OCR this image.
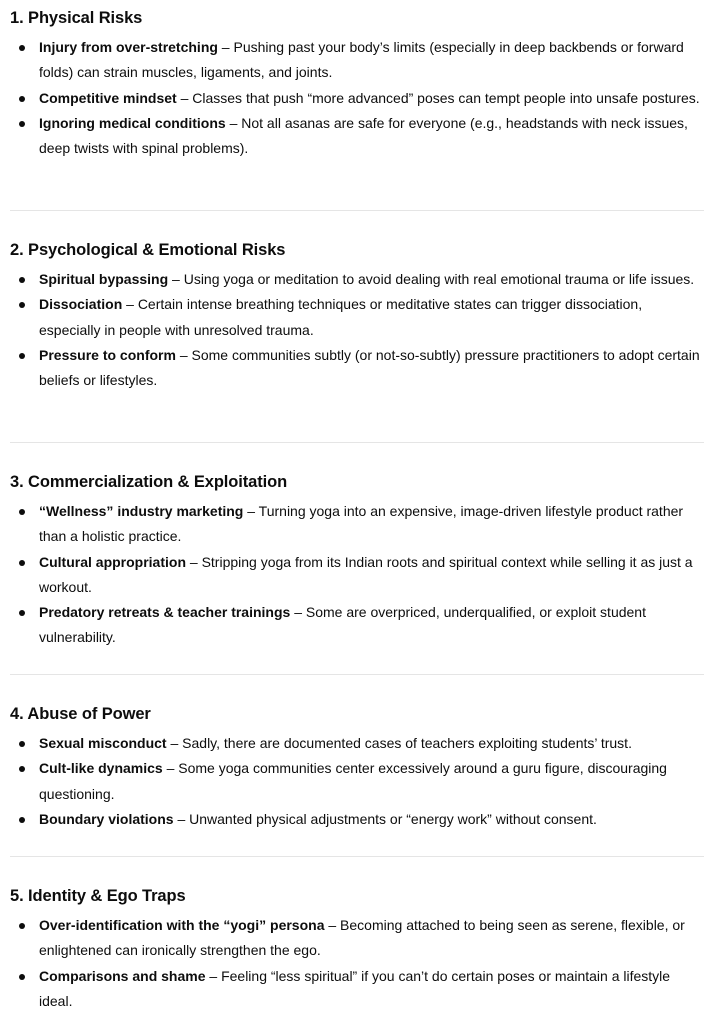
1. Physical Risks
Injury from over-stretching – Pushing past your body’s limits (especially in deep backbends or forward folds) can strain muscles, ligaments, and joints.
Competitive mindset – Classes that push “more advanced” poses can tempt people into unsafe postures.
Ignoring medical conditions – Not all asanas are safe for everyone (e.g., headstands with neck issues, deep twists with spinal problems).
2. Psychological & Emotional Risks
Spiritual bypassing – Using yoga or meditation to avoid dealing with real emotional trauma or life issues.
Dissociation – Certain intense breathing techniques or meditative states can trigger dissociation, especially in people with unresolved trauma.
Pressure to conform – Some communities subtly (or not-so-subtly) pressure practitioners to adopt certain beliefs or lifestyles.
3. Commercialization & Exploitation
“Wellness” industry marketing – Turning yoga into an expensive, image-driven lifestyle product rather than a holistic practice.
Cultural appropriation – Stripping yoga from its Indian roots and spiritual context while selling it as just a workout.
Predatory retreats & teacher trainings – Some are overpriced, underqualified, or exploit student vulnerability.
4. Abuse of Power
Sexual misconduct – Sadly, there are documented cases of teachers exploiting students’ trust.
Cult-like dynamics – Some yoga communities center excessively around a guru figure, discouraging questioning.
Boundary violations – Unwanted physical adjustments or “energy work” without consent.
5. Identity & Ego Traps
Over-identification with the “yogi” persona – Becoming attached to being seen as serene, flexible, or enlightened can ironically strengthen the ego.
Comparisons and shame – Feeling “less spiritual” if you can’t do certain poses or maintain a lifestyle ideal.
